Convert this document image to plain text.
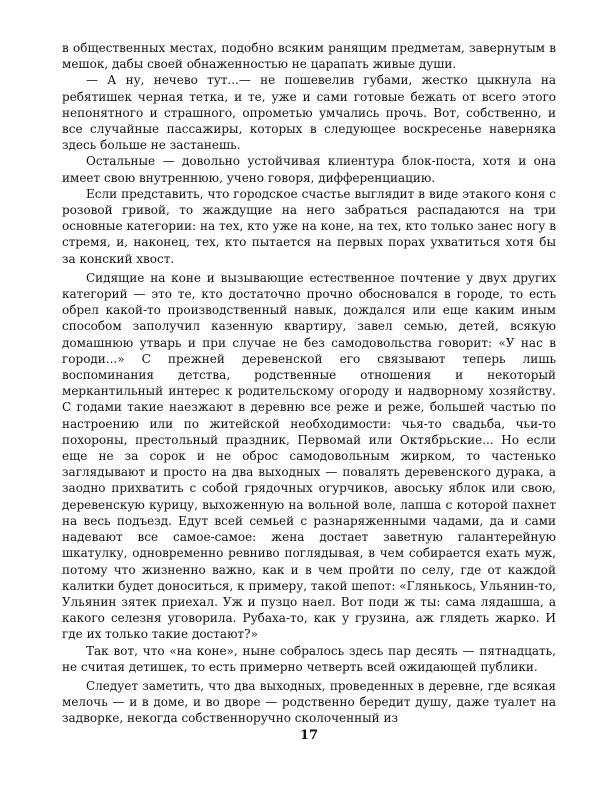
в общественных местах, подобно всяким ранящим предметам, завернутым в мешок, дабы своей обнаженностью не царапать живые души.

— А ну, нечево тут...— не пошевелив губами, жестко цыкнула на ребятишек черная тетка, и те, уже и сами готовые бежать от всего этого непонятного и страшного, опрометью умчались прочь. Вот, собственно, и все случайные пассажиры, которых в следующее воскресенье наверняка здесь больше не застанешь.

Остальные — довольно устойчивая клиентура блок-поста, хотя и она имеет свою внутреннюю, учено говоря, дифференциацию.

Если представить, что городское счастье выглядит в виде этакого коня с розовой гривой, то жаждущие на него забраться распадаются на три основные категории: на тех, кто уже на коне, на тех, кто только занес ногу в стремя, и, наконец, тех, кто пытается на первых порах ухватиться хотя бы за конский хвост.

Сидящие на коне и вызывающие естественное почтение у двух других категорий — это те, кто достаточно прочно обосновался в городе, то есть обрел какой-то производственный навык, дождался или еще каким иным способом заполучил казенную квартиру, завел семью, детей, всякую домашнюю утварь и при случае не без самодовольства говорит: «У нас в городи...» С прежней деревенской его связывают теперь лишь воспоминания детства, родственные отношения и некоторый меркантильный интерес к родительскому огороду и надворному хозяйству. С годами такие наезжают в деревню все реже и реже, большей частью по настроению или по житейской необходимости: чья-то свадьба, чьи-то похороны, престольный праздник, Первомай или Октябрьские... Но если еще не за сорок и не оброс самодовольным жирком, то частенько заглядывают и просто на два выходных — повалять деревенского дурака, а заодно прихватить с собой грядочных огурчиков, авоськy яблок или свою, деревенскую курицу, выхоженную на вольной воле, лапша с которой пахнет на весь подъезд. Едут всей семьей с разнаряженными чадами, да и сами надевают все самое-самое: жена достает заветную галантерейную шкатулку, одновременно ревниво поглядывая, в чем собирается ехать муж, потому что жизненно важно, как и в чем пройти по селу, где от каждой калитки будет доноситься, к примеру, такой шепот: «Глянькось, Ульянин-то, Ульянин зятек приехал. Уж и пузцо наел. Вот поди ж ты: сама лядашша, а какого селезня уговорила. Рубаха-то, как у грузина, аж глядеть жарко. И где их только такие достают?»

Так вот, что «на коне», ныне собралось здесь пар десять — пятнадцать, не считая детишек, то есть примерно четверть всей ожидающей публики.

Следует заметить, что два выходных, проведенных в деревне, где всякая мелочь — и в доме, и во дворе — родственно бередит душу, даже туалет на задворке, некогда собственноручно сколоченный из

17
